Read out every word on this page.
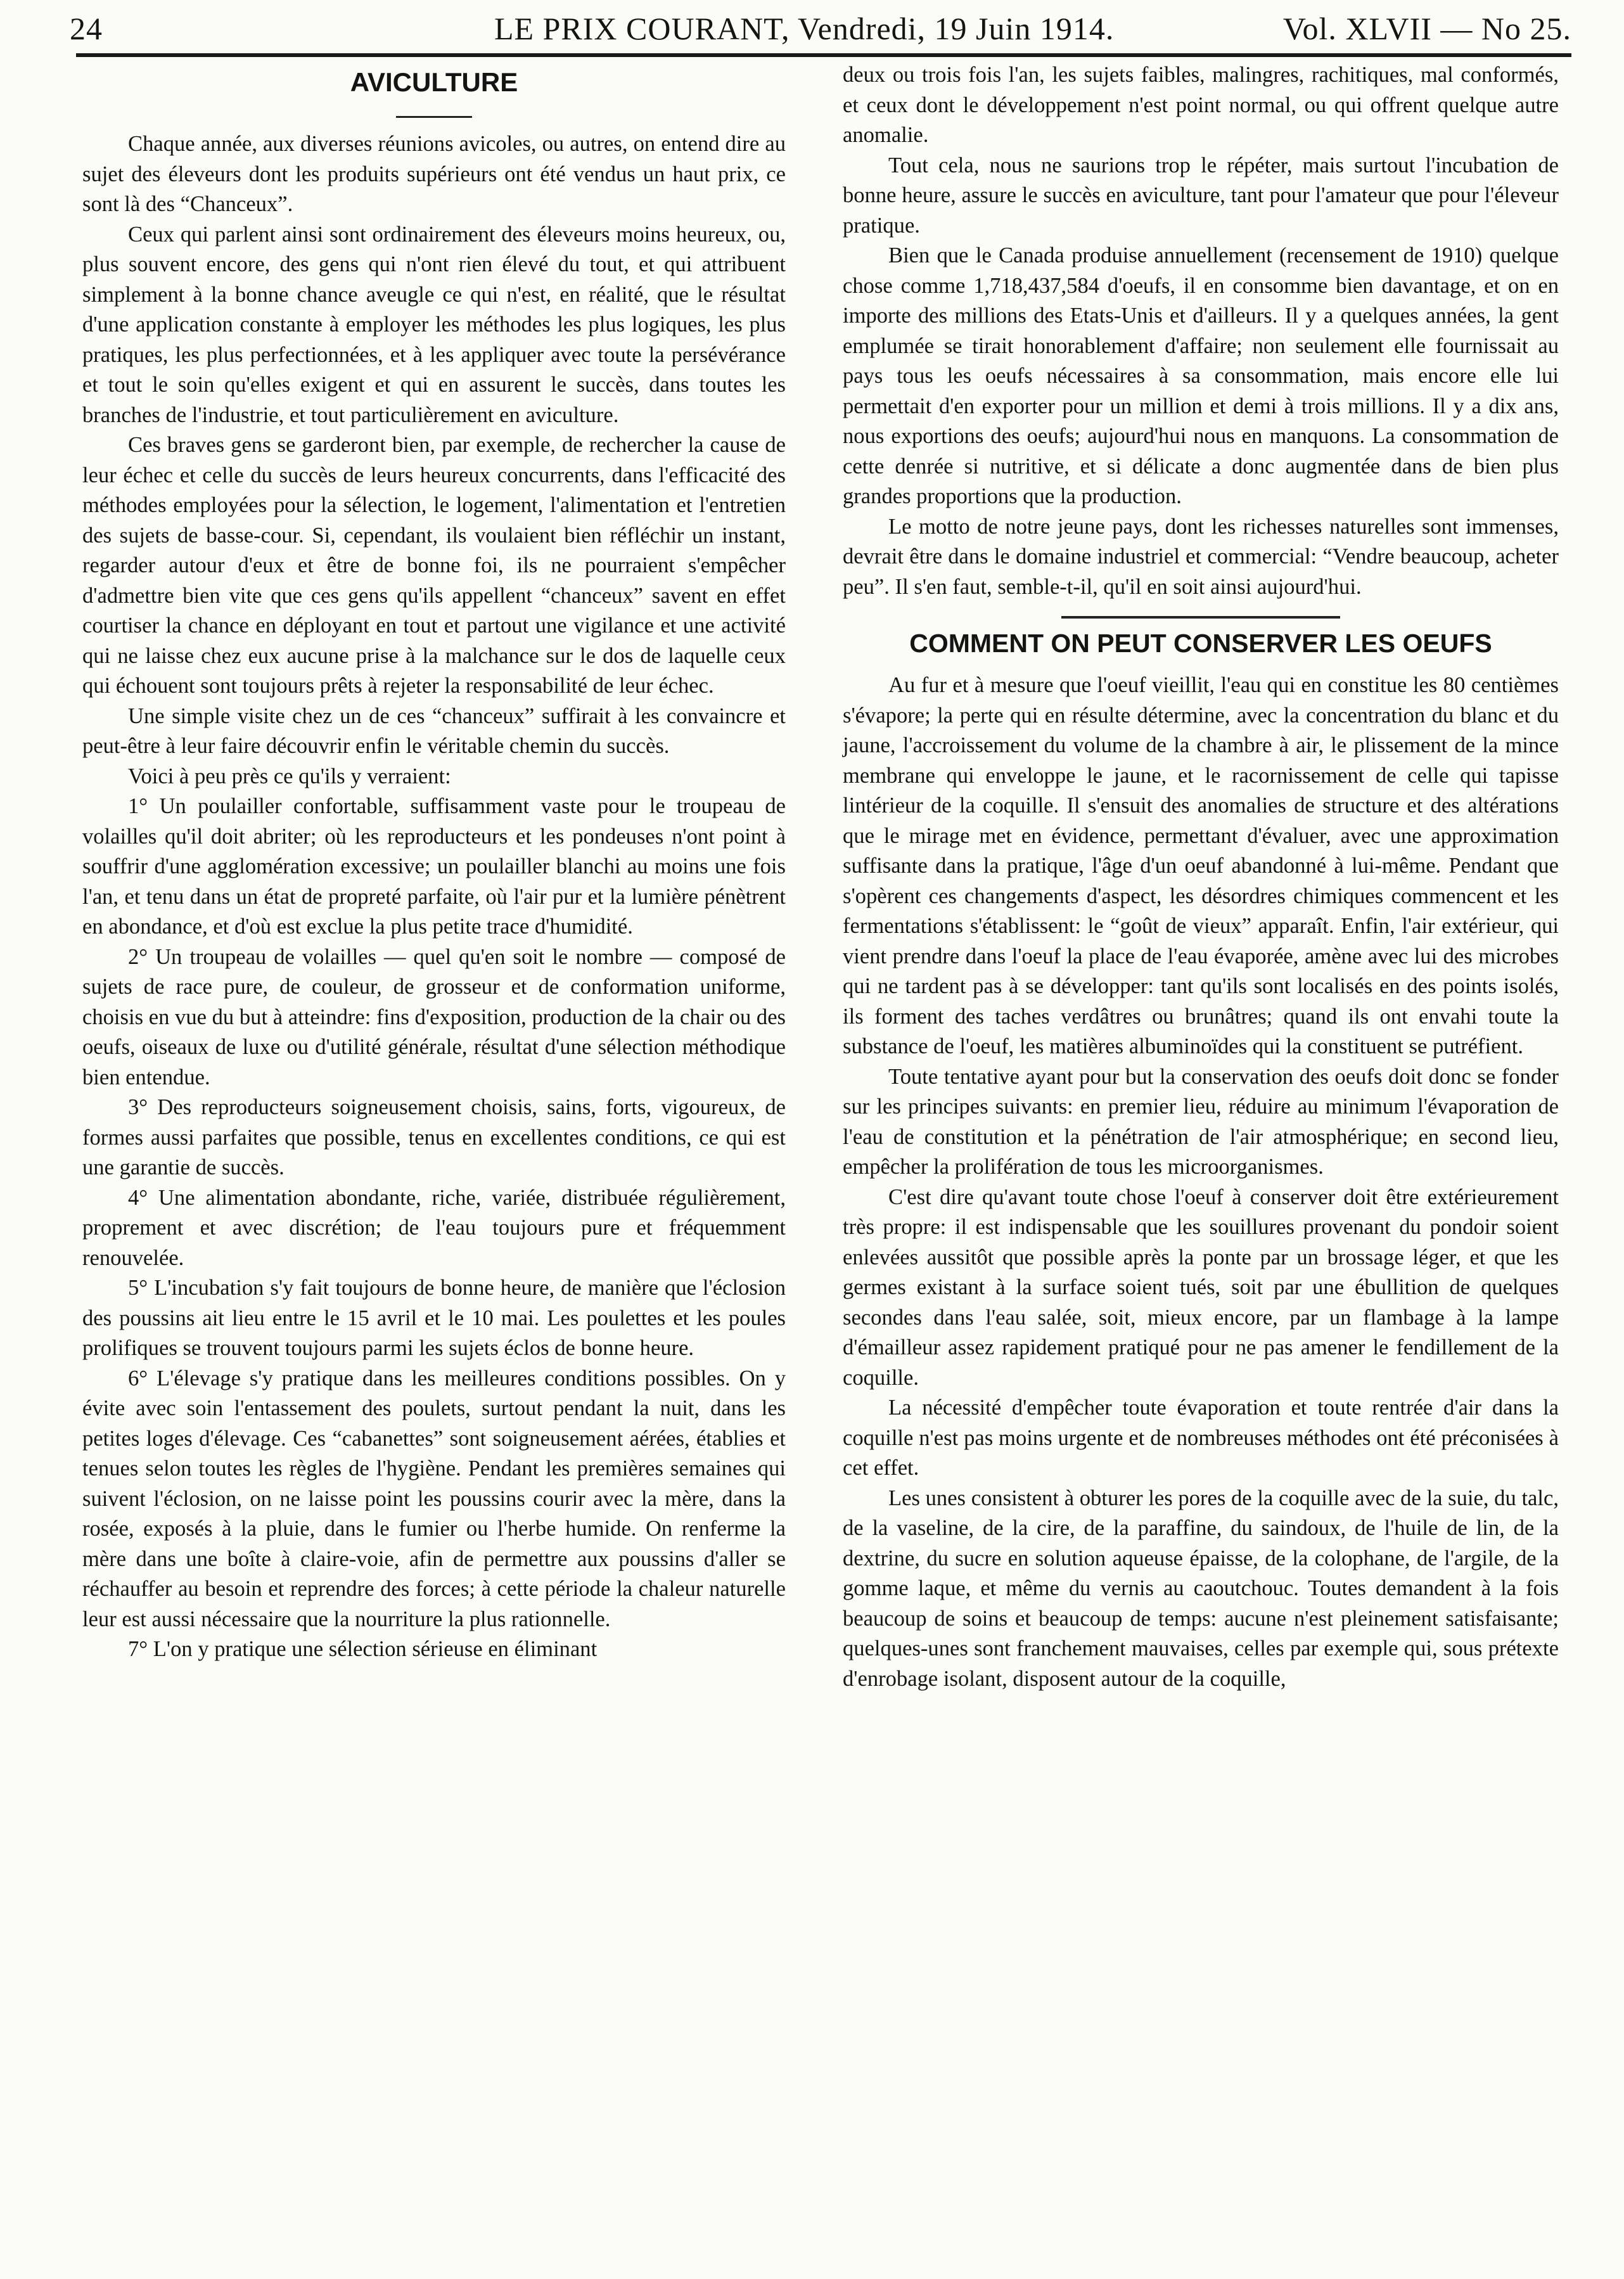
24	LE PRIX COURANT, Vendredi, 19 Juin 1914.	Vol. XLVII — No 25.
AVICULTURE

Chaque année, aux diverses réunions avicoles, ou autres, on entend dire au sujet des éleveurs dont les produits supérieurs ont été vendus un haut prix, ce sont là des “Chanceux”.

Ceux qui parlent ainsi sont ordinairement des éleveurs moins heureux, ou, plus souvent encore, des gens qui n'ont rien élevé du tout, et qui attribuent simplement à la bonne chance aveugle ce qui n'est, en réalité, que le résultat d'une application constante à employer les méthodes les plus logiques, les plus pratiques, les plus perfectionnées, et à les appliquer avec toute la persévérance et tout le soin qu'elles exigent et qui en assurent le succès, dans toutes les branches de l'industrie, et tout particulièrement en aviculture.

Ces braves gens se garderont bien, par exemple, de rechercher la cause de leur échec et celle du succès de leurs heureux concurrents, dans l'efficacité des méthodes employées pour la sélection, le logement, l'alimentation et l'entretien des sujets de basse-cour. Si, cependant, ils voulaient bien réfléchir un instant, regarder autour d'eux et être de bonne foi, ils ne pourraient s'empêcher d'admettre bien vite que ces gens qu'ils appellent “chanceux” savent en effet courtiser la chance en déployant en tout et partout une vigilance et une activité qui ne laisse chez eux aucune prise à la malchance sur le dos de laquelle ceux qui échouent sont toujours prêts à rejeter la responsabilité de leur échec.

Une simple visite chez un de ces “chanceux” suffirait à les convaincre et peut-être à leur faire découvrir enfin le véritable chemin du succès.

Voici à peu près ce qu'ils y verraient:

1° Un poulailler confortable, suffisamment vaste pour le troupeau de volailles qu'il doit abriter; où les reproducteurs et les pondeuses n'ont point à souffrir d'une agglomération excessive; un poulailler blanchi au moins une fois l'an, et tenu dans un état de propreté parfaite, où l'air pur et la lumière pénètrent en abondance, et d'où est exclue la plus petite trace d'humidité.

2° Un troupeau de volailles — quel qu'en soit le nombre — composé de sujets de race pure, de couleur, de grosseur et de conformation uniforme, choisis en vue du but à atteindre: fins d'exposition, production de la chair ou des oeufs, oiseaux de luxe ou d'utilité générale, résultat d'une sélection méthodique bien entendue.

3° Des reproducteurs soigneusement choisis, sains, forts, vigoureux, de formes aussi parfaites que possible, tenus en excellentes conditions, ce qui est une garantie de succès.

4° Une alimentation abondante, riche, variée, distribuée régulièrement, proprement et avec discrétion; de l'eau toujours pure et fréquemment renouvelée.

5° L'incubation s'y fait toujours de bonne heure, de manière que l'éclosion des poussins ait lieu entre le 15 avril et le 10 mai. Les poulettes et les poules prolifiques se trouvent toujours parmi les sujets éclos de bonne heure.

6° L'élevage s'y pratique dans les meilleures conditions possibles. On y évite avec soin l'entassement des poulets, surtout pendant la nuit, dans les petites loges d'élevage. Ces “cabanettes” sont soigneusement aérées, établies et tenues selon toutes les règles de l'hygiène. Pendant les premières semaines qui suivent l'éclosion, on ne laisse point les poussins courir avec la mère, dans la rosée, exposés à la pluie, dans le fumier ou l'herbe humide. On renferme la mère dans une boîte à claire-voie, afin de permettre aux poussins d'aller se réchauffer au besoin et reprendre des forces; à cette période la chaleur naturelle leur est aussi nécessaire que la nourriture la plus rationnelle.

7° L'on y pratique une sélection sérieuse en éliminant

deux ou trois fois l'an, les sujets faibles, malingres, rachitiques, mal conformés, et ceux dont le développement n'est point normal, ou qui offrent quelque autre anomalie.

Tout cela, nous ne saurions trop le répéter, mais surtout l'incubation de bonne heure, assure le succès en aviculture, tant pour l'amateur que pour l'éleveur pratique.

Bien que le Canada produise annuellement (recensement de 1910) quelque chose comme 1,718,437,584 d'oeufs, il en consomme bien davantage, et on en importe des millions des Etats-Unis et d'ailleurs. Il y a quelques années, la gent emplumée se tirait honorablement d'affaire; non seulement elle fournissait au pays tous les oeufs nécessaires à sa consommation, mais encore elle lui permettait d'en exporter pour un million et demi à trois millions. Il y a dix ans, nous exportions des oeufs; aujourd'hui nous en manquons. La consommation de cette denrée si nutritive, et si délicate a donc augmentée dans de bien plus grandes proportions que la production.

Le motto de notre jeune pays, dont les richesses naturelles sont immenses, devrait être dans le domaine industriel et commercial: “Vendre beaucoup, acheter peu”. Il s'en faut, semble-t-il, qu'il en soit ainsi aujourd'hui.

COMMENT ON PEUT CONSERVER LES OEUFS

Au fur et à mesure que l'oeuf vieillit, l'eau qui en constitue les 80 centièmes s'évapore; la perte qui en résulte détermine, avec la concentration du blanc et du jaune, l'accroissement du volume de la chambre à air, le plissement de la mince membrane qui enveloppe le jaune, et le racornissement de celle qui tapisse lintérieur de la coquille. Il s'ensuit des anomalies de structure et des altérations que le mirage met en évidence, permettant d'évaluer, avec une approximation suffisante dans la pratique, l'âge d'un oeuf abandonné à lui-même. Pendant que s'opèrent ces changements d'aspect, les désordres chimiques commencent et les fermentations s'établissent: le “goût de vieux” apparaît. Enfin, l'air extérieur, qui vient prendre dans l'oeuf la place de l'eau évaporée, amène avec lui des microbes qui ne tardent pas à se développer: tant qu'ils sont localisés en des points isolés, ils forment des taches verdâtres ou brunâtres; quand ils ont envahi toute la substance de l'oeuf, les matières albuminoïdes qui la constituent se putréfient.

Toute tentative ayant pour but la conservation des oeufs doit donc se fonder sur les principes suivants: en premier lieu, réduire au minimum l'évaporation de l'eau de constitution et la pénétration de l'air atmosphérique; en second lieu, empêcher la prolifération de tous les microorganismes.

C'est dire qu'avant toute chose l'oeuf à conserver doit être extérieurement très propre: il est indispensable que les souillures provenant du pondoir soient enlevées aussitôt que possible après la ponte par un brossage léger, et que les germes existant à la surface soient tués, soit par une ébullition de quelques secondes dans l'eau salée, soit, mieux encore, par un flambage à la lampe d'émailleur assez rapidement pratiqué pour ne pas amener le fendillement de la coquille.

La nécessité d'empêcher toute évaporation et toute rentrée d'air dans la coquille n'est pas moins urgente et de nombreuses méthodes ont été préconisées à cet effet.

Les unes consistent à obturer les pores de la coquille avec de la suie, du talc, de la vaseline, de la cire, de la paraffine, du saindoux, de l'huile de lin, de la dextrine, du sucre en solution aqueuse épaisse, de la colophane, de l'argile, de la gomme laque, et même du vernis au caoutchouc. Toutes demandent à la fois beaucoup de soins et beaucoup de temps: aucune n'est pleinement satisfaisante; quelques-unes sont franchement mauvaises, celles par exemple qui, sous prétexte d'enrobage isolant, disposent autour de la coquille,
